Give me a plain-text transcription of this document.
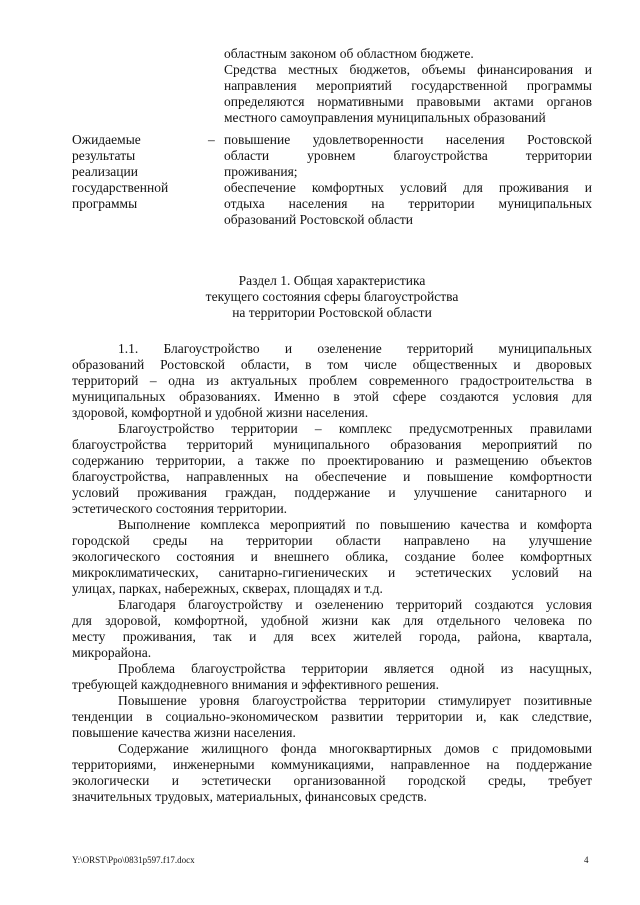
областным законом об областном бюджете.
Средства местных бюджетов, объемы финансирования и
направления мероприятий государственной программы
определяются нормативными правовыми актами органов
местного самоуправления муниципальных образований
Ожидаемые
результаты
реализации
государственной
программы
– повышение удовлетворенности населения Ростовской
области уровнем благоустройства территории
проживания;
обеспечение комфортных условий для проживания и
отдыха населения на территории муниципальных
образований Ростовской области
Раздел 1. Общая характеристика
текущего состояния сферы благоустройства
на территории Ростовской области
1.1. Благоустройство и озеленение территорий муниципальных
образований Ростовской области, в том числе общественных и дворовых
территорий – одна из актуальных проблем современного градостроительства в
муниципальных образованиях. Именно в этой сфере создаются условия для
здоровой, комфортной и удобной жизни населения.
Благоустройство территории – комплекс предусмотренных правилами
благоустройства территорий муниципального образования мероприятий по
содержанию территории, а также по проектированию и размещению объектов
благоустройства, направленных на обеспечение и повышение комфортности
условий проживания граждан, поддержание и улучшение санитарного и
эстетического состояния территории.
Выполнение комплекса мероприятий по повышению качества и комфорта
городской среды на территории области направлено на улучшение
экологического состояния и внешнего облика, создание более комфортных
микроклиматических, санитарно-гигиенических и эстетических условий на
улицах, парках, набережных, скверах, площадях и т.д.
Благодаря благоустройству и озеленению территорий создаются условия
для здоровой, комфортной, удобной жизни как для отдельного человека по
месту проживания, так и для всех жителей города, района, квартала,
микрорайона.
Проблема благоустройства территории является одной из насущных,
требующей каждодневного внимания и эффективного решения.
Повышение уровня благоустройства территории стимулирует позитивные
тенденции в социально-экономическом развитии территории и, как следствие,
повышение качества жизни населения.
Содержание жилищного фонда многоквартирных домов с придомовыми
территориями, инженерными коммуникациями, направленное на поддержание
экологически и эстетически организованной городской среды, требует
значительных трудовых, материальных, финансовых средств.
Y:\ORST\Ppo\0831p597.f17.docx	4
